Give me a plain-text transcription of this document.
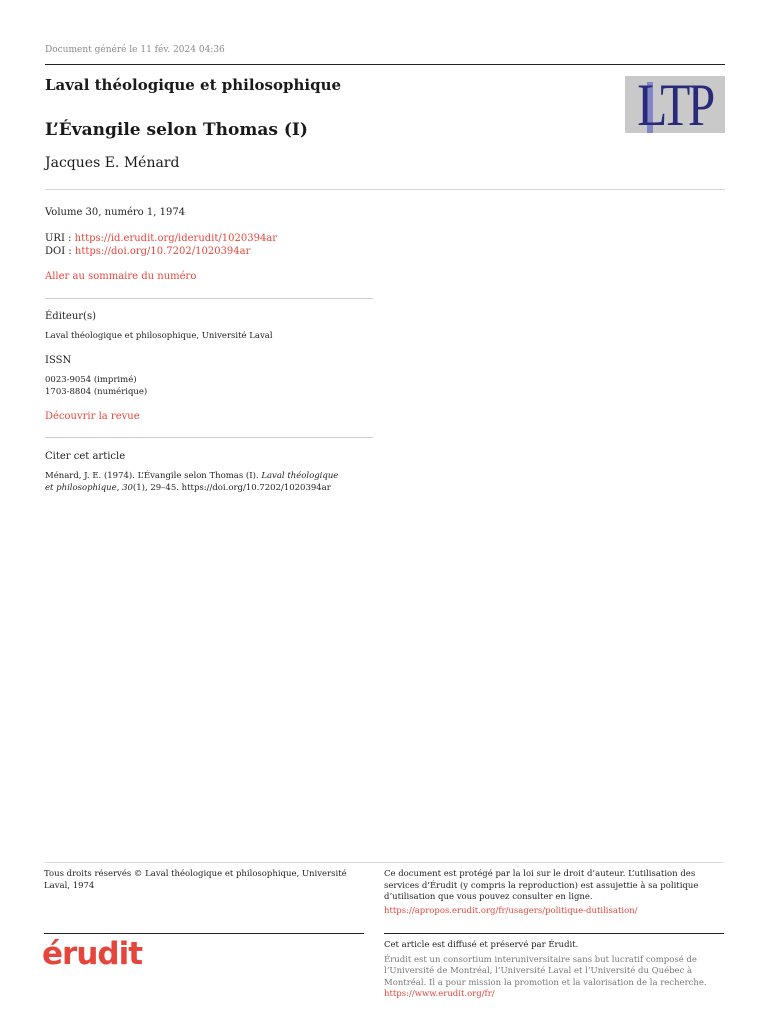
Document généré le 11 fév. 2024 04:36
Laval théologique et philosophique	LTP
L’Évangile selon Thomas (I)
Jacques E. Ménard
Volume 30, numéro 1, 1974
URI : https://id.erudit.org/iderudit/1020394ar
DOI : https://doi.org/10.7202/1020394ar
Aller au sommaire du numéro
Éditeur(s)
Laval théologique et philosophique, Université Laval
ISSN
0023-9054 (imprimé)
1703-8804 (numérique)
Découvrir la revue
Citer cet article
Ménard, J. E. (1974). L’Évangile selon Thomas (I). Laval théologique et philosophique, 30(1), 29–45. https://doi.org/10.7202/1020394ar
Tous droits réservés © Laval théologique et philosophique, Université Laval, 1974
Ce document est protégé par la loi sur le droit d’auteur. L’utilisation des services d’Érudit (y compris la reproduction) est assujettie à sa politique d’utilisation que vous pouvez consulter en ligne.
https://apropos.erudit.org/fr/usagers/politique-dutilisation/
érudit	Cet article est diffusé et préservé par Érudit.
Érudit est un consortium interuniversitaire sans but lucratif composé de l’Université de Montréal, l’Université Laval et l’Université du Québec à Montréal. Il a pour mission la promotion et la valorisation de la recherche.
https://www.erudit.org/fr/
